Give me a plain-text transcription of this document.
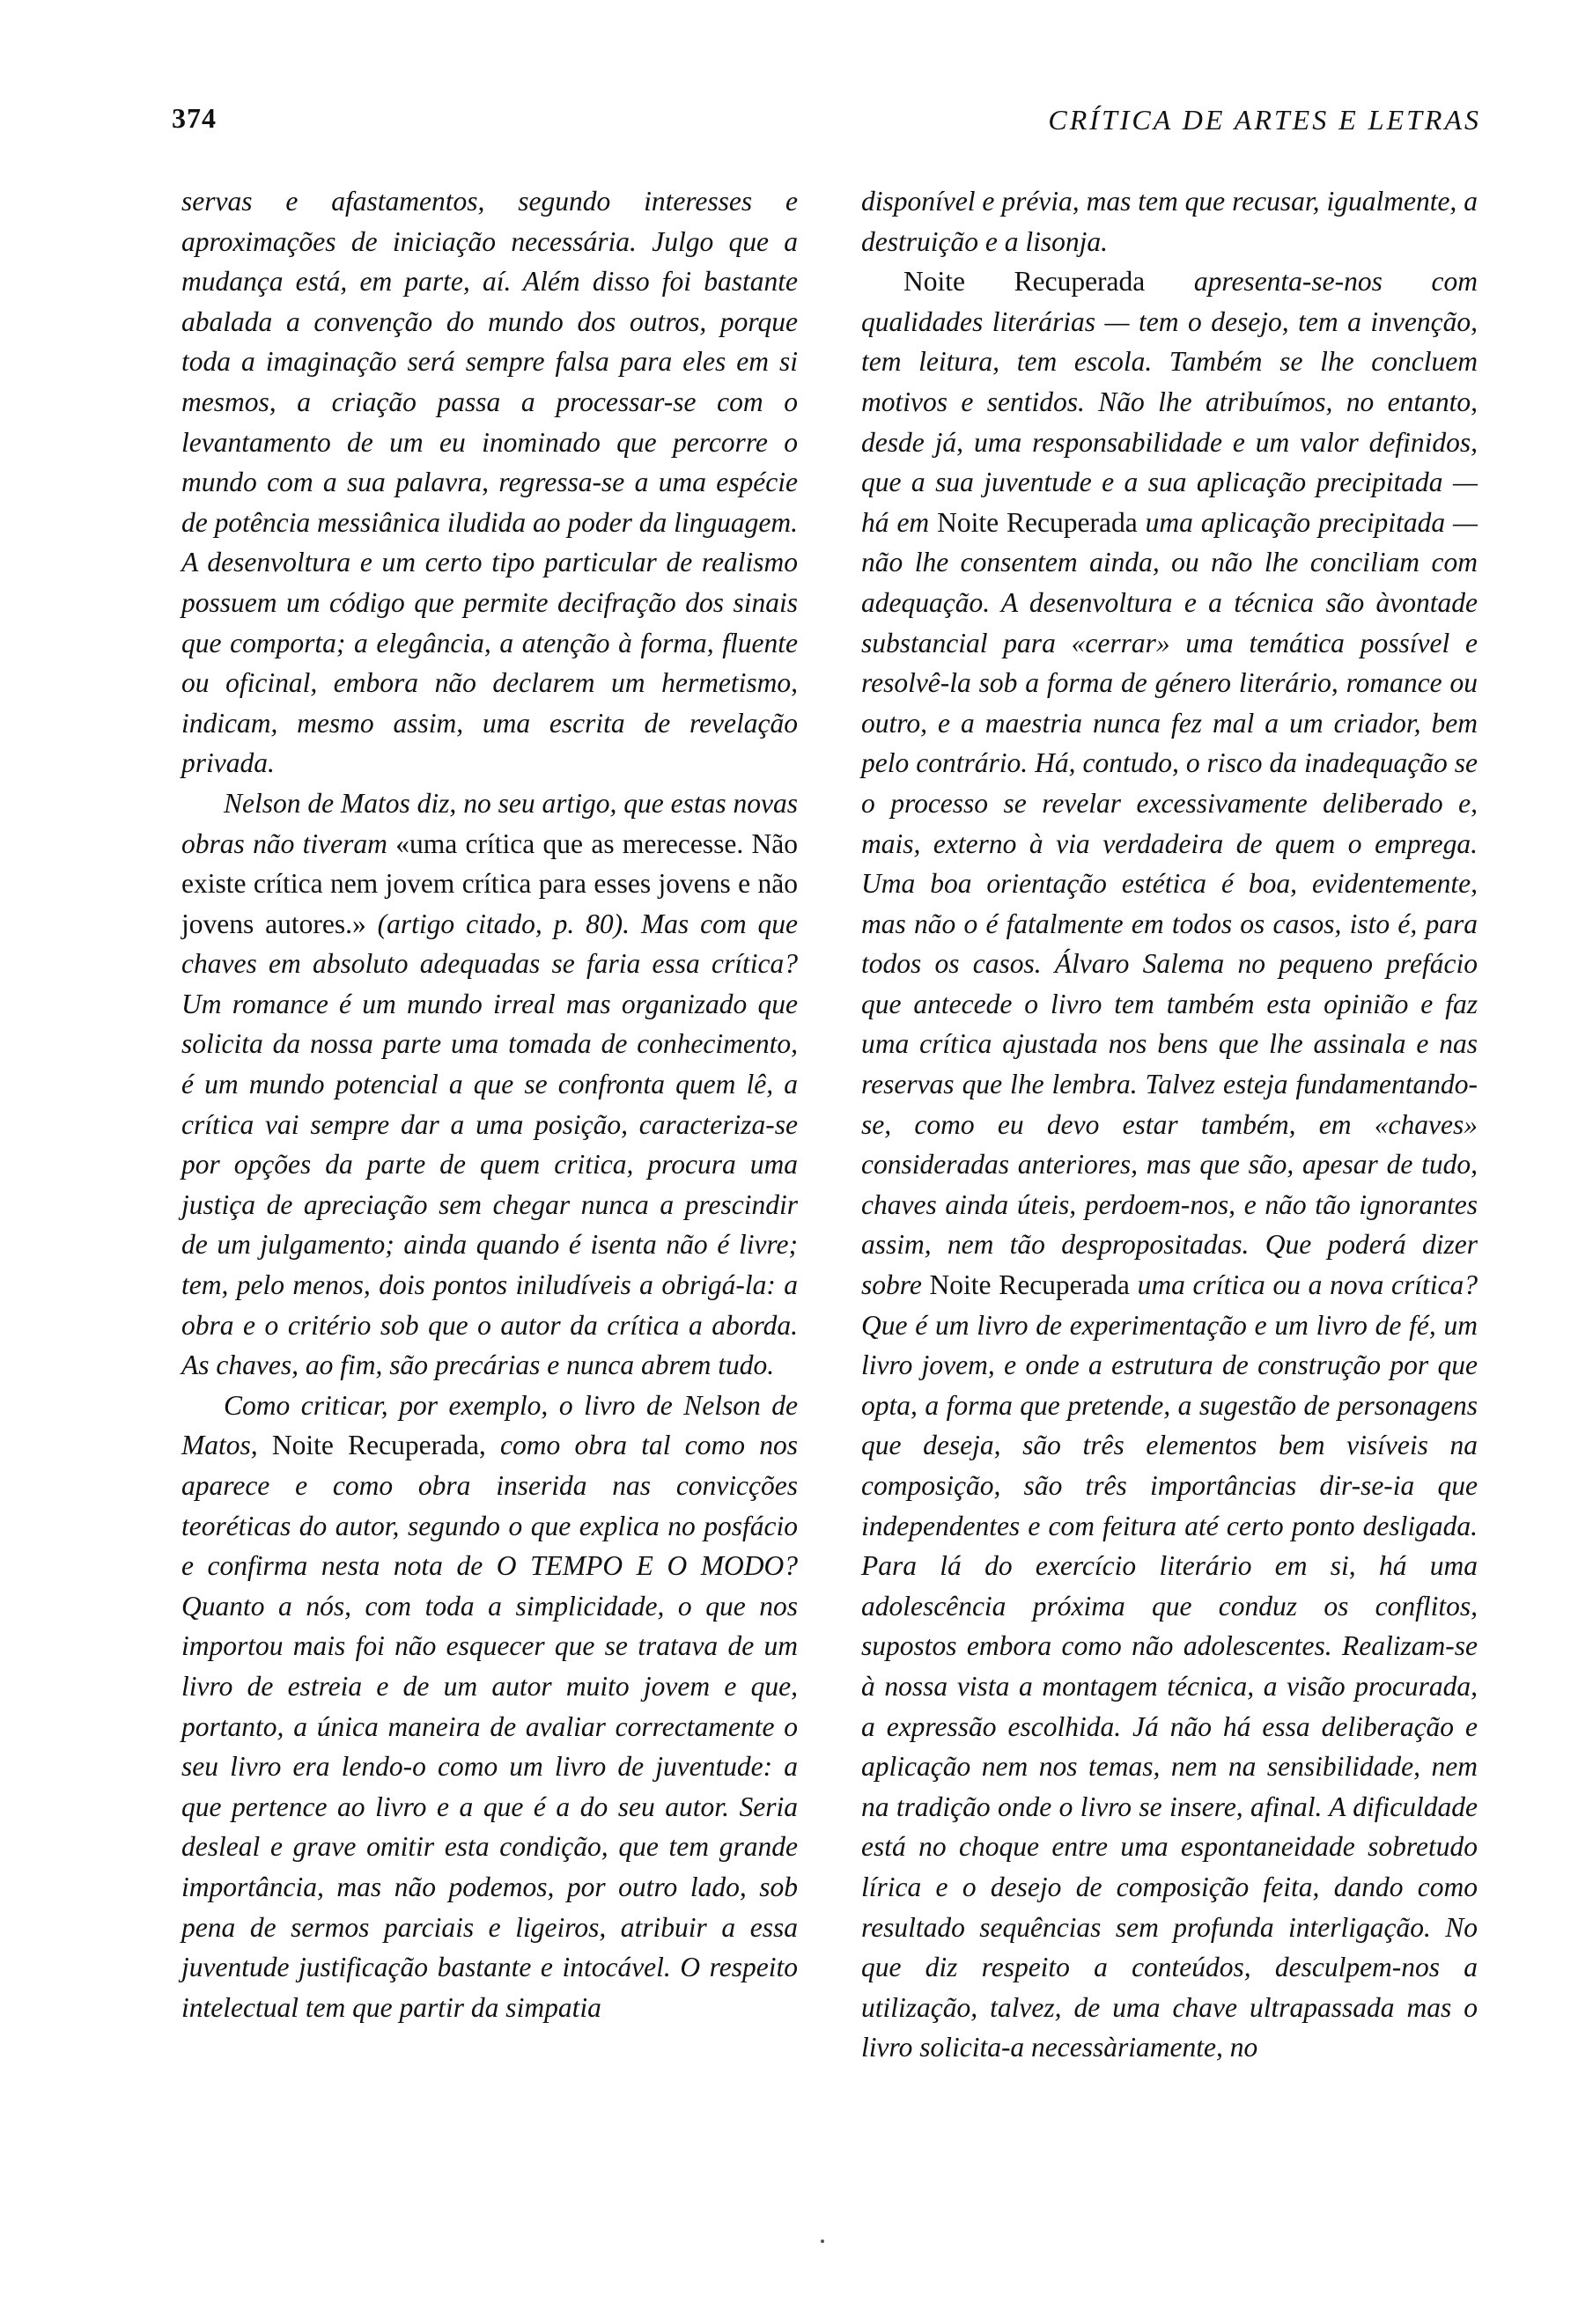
374	CRÍTICA DE ARTES E LETRAS

servas e afastamentos, segundo interesses e aproximações de iniciação necessária. Julgo que a mudança está, em parte, aí. Além disso foi bastante abalada a convenção do mundo dos outros, porque toda a imaginação será sempre falsa para eles em si mesmos, a criação passa a processar-se com o levantamento de um eu inominado que percorre o mundo com a sua palavra, regressa-se a uma espécie de potência messiânica iludida ao poder da linguagem. A desenvoltura e um certo tipo particular de realismo possuem um código que permite decifração dos sinais que comporta; a elegância, a atenção à forma, fluente ou oficinal, embora não declarem um hermetismo, indicam, mesmo assim, uma escrita de revelação privada.

Nelson de Matos diz, no seu artigo, que estas novas obras não tiveram «uma crítica que as merecesse. Não existe crítica nem jovem crítica para esses jovens e não jovens autores.» (artigo citado, p. 80). Mas com que chaves em absoluto adequadas se faria essa crítica? Um romance é um mundo irreal mas organizado que solicita da nossa parte uma tomada de conhecimento, é um mundo potencial a que se confronta quem lê, a crítica vai sempre dar a uma posição, caracteriza-se por opções da parte de quem critica, procura uma justiça de apreciação sem chegar nunca a prescindir de um julgamento; ainda quando é isenta não é livre; tem, pelo menos, dois pontos iniludíveis a obrigá-la: a obra e o critério sob que o autor da crítica a aborda. As chaves, ao fim, são precárias e nunca abrem tudo.

Como criticar, por exemplo, o livro de Nelson de Matos, Noite Recuperada, como obra tal como nos aparece e como obra inserida nas convicções teoréticas do autor, segundo o que explica no posfácio e confirma nesta nota de O TEMPO E O MODO? Quanto a nós, com toda a simplicidade, o que nos importou mais foi não esquecer que se tratava de um livro de estreia e de um autor muito jovem e que, portanto, a única maneira de avaliar correctamente o seu livro era lendo-o como um livro de juventude: a que pertence ao livro e a que é a do seu autor. Seria desleal e grave omitir esta condição, que tem grande importância, mas não podemos, por outro lado, sob pena de sermos parciais e ligeiros, atribuir a essa juventude justificação bastante e intocável. O respeito intelectual tem que partir da simpatia

disponível e prévia, mas tem que recusar, igualmente, a destruição e a lisonja.

Noite Recuperada apresenta-se-nos com qualidades literárias — tem o desejo, tem a invenção, tem leitura, tem escola. Também se lhe concluem motivos e sentidos. Não lhe atribuímos, no entanto, desde já, uma responsabilidade e um valor definidos, que a sua juventude e a sua aplicação precipitada — há em Noite Recuperada uma aplicação precipitada — não lhe consentem ainda, ou não lhe conciliam com adequação. A desenvoltura e a técnica são àvontade substancial para «cerrar» uma temática possível e resolvê-la sob a forma de género literário, romance ou outro, e a maestria nunca fez mal a um criador, bem pelo contrário. Há, contudo, o risco da inadequação se o processo se revelar excessivamente deliberado e, mais, externo à via verdadeira de quem o emprega. Uma boa orientação estética é boa, evidentemente, mas não o é fatalmente em todos os casos, isto é, para todos os casos. Álvaro Salema no pequeno prefácio que antecede o livro tem também esta opinião e faz uma crítica ajustada nos bens que lhe assinala e nas reservas que lhe lembra. Talvez esteja fundamentando-se, como eu devo estar também, em «chaves» consideradas anteriores, mas que são, apesar de tudo, chaves ainda úteis, perdoem-nos, e não tão ignorantes assim, nem tão despropositadas. Que poderá dizer sobre Noite Recuperada uma crítica ou a nova crítica? Que é um livro de experimentação e um livro de fé, um livro jovem, e onde a estrutura de construção por que opta, a forma que pretende, a sugestão de personagens que deseja, são três elementos bem visíveis na composição, são três importâncias dir-se-ia que independentes e com feitura até certo ponto desligada. Para lá do exercício literário em si, há uma adolescência próxima que conduz os conflitos, supostos embora como não adolescentes. Realizam-se à nossa vista a montagem técnica, a visão procurada, a expressão escolhida. Já não há essa deliberação e aplicação nem nos temas, nem na sensibilidade, nem na tradição onde o livro se insere, afinal. A dificuldade está no choque entre uma espontaneidade sobretudo lírica e o desejo de composição feita, dando como resultado sequências sem profunda interligação. No que diz respeito a conteúdos, desculpem-nos a utilização, talvez, de uma chave ultrapassada mas o livro solicita-a necessàriamente, no
